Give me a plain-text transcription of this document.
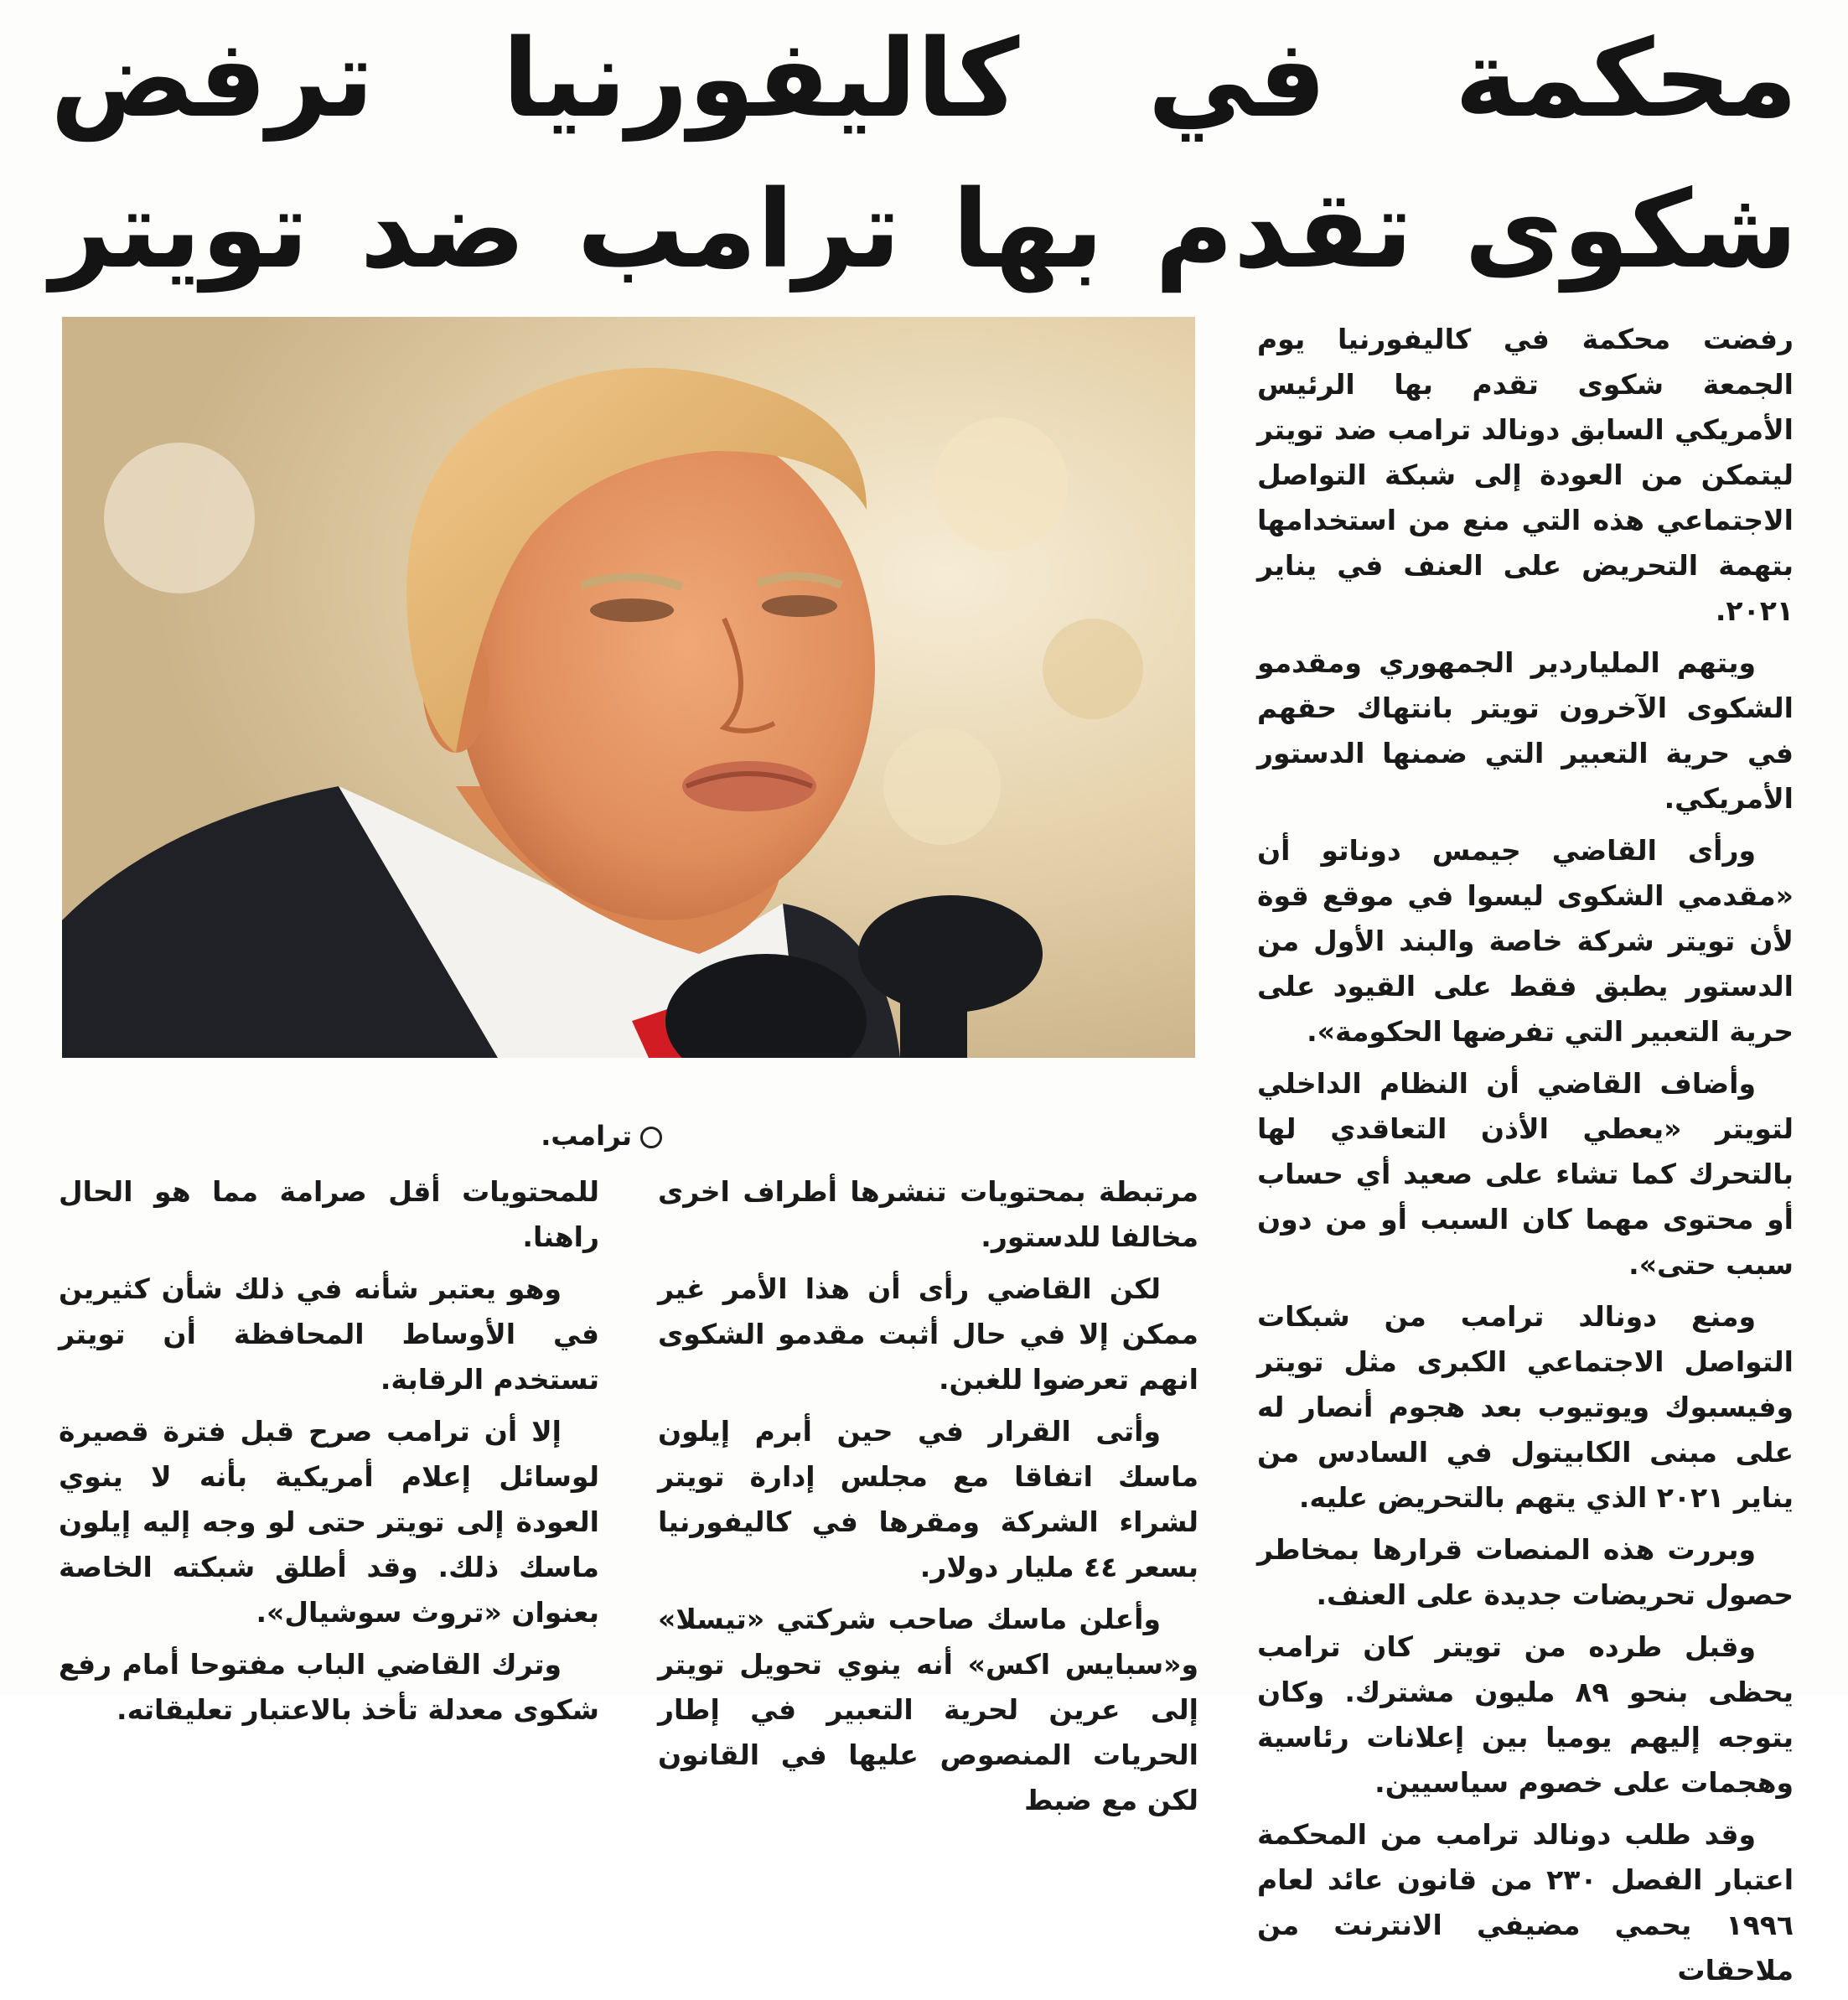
محكمة في كاليفورنيا ترفض
شكوى تقدم بها ترامب ضد تويتر
ترامب.

رفضت محكمة في كاليفورنيا يوم الجمعة شكوى تقدم بها الرئيس الأمريكي السابق دونالد ترامب ضد تويتر ليتمكن من العودة إلى شبكة التواصل الاجتماعي هذه التي منع من استخدامها بتهمة التحريض على العنف في يناير ٢٠٢١.

ويتهم الملياردير الجمهوري ومقدمو الشكوى الآخرون تويتر بانتهاك حقهم في حرية التعبير التي ضمنها الدستور الأمريكي.

ورأى القاضي جيمس دوناتو أن «مقدمي الشكوى ليسوا في موقع قوة لأن تويتر شركة خاصة والبند الأول من الدستور يطبق فقط على القيود على حرية التعبير التي تفرضها الحكومة».

وأضاف القاضي أن النظام الداخلي لتويتر «يعطي الأذن التعاقدي لها بالتحرك كما تشاء على صعيد أي حساب أو محتوى مهما كان السبب أو من دون سبب حتى».

ومنع دونالد ترامب من شبكات التواصل الاجتماعي الكبرى مثل تويتر وفيسبوك ويوتيوب بعد هجوم أنصار له على مبنى الكابيتول في السادس من يناير ٢٠٢١ الذي يتهم بالتحريض عليه.

وبررت هذه المنصات قرارها بمخاطر حصول تحريضات جديدة على العنف.

وقبل طرده من تويتر كان ترامب يحظى بنحو ٨٩ مليون مشترك. وكان يتوجه إليهم يوميا بين إعلانات رئاسية وهجمات على خصوم سياسيين.

وقد طلب دونالد ترامب من المحكمة اعتبار الفصل ٢٣٠ من قانون عائد لعام ١٩٩٦ يحمي مضيفي الانترنت من ملاحقات

مرتبطة بمحتويات تنشرها أطراف اخرى مخالفا للدستور.

لكن القاضي رأى أن هذا الأمر غير ممكن إلا في حال أثبت مقدمو الشكوى انهم تعرضوا للغبن.

وأتى القرار في حين أبرم إيلون ماسك اتفاقا مع مجلس إدارة تويتر لشراء الشركة ومقرها في كاليفورنيا بسعر ٤٤ مليار دولار.

وأعلن ماسك صاحب شركتي «تيسلا» و«سبايس اكس» أنه ينوي تحويل تويتر إلى عرين لحرية التعبير في إطار الحريات المنصوص عليها في القانون لكن مع ضبط

للمحتويات أقل صرامة مما هو الحال راهنا.

وهو يعتبر شأنه في ذلك شأن كثيرين في الأوساط المحافظة أن تويتر تستخدم الرقابة.

إلا أن ترامب صرح قبل فترة قصيرة لوسائل إعلام أمريكية بأنه لا ينوي العودة إلى تويتر حتى لو وجه إليه إيلون ماسك ذلك. وقد أطلق شبكته الخاصة بعنوان «تروث سوشيال».

وترك القاضي الباب مفتوحا أمام رفع شكوى معدلة تأخذ بالاعتبار تعليقاته.
